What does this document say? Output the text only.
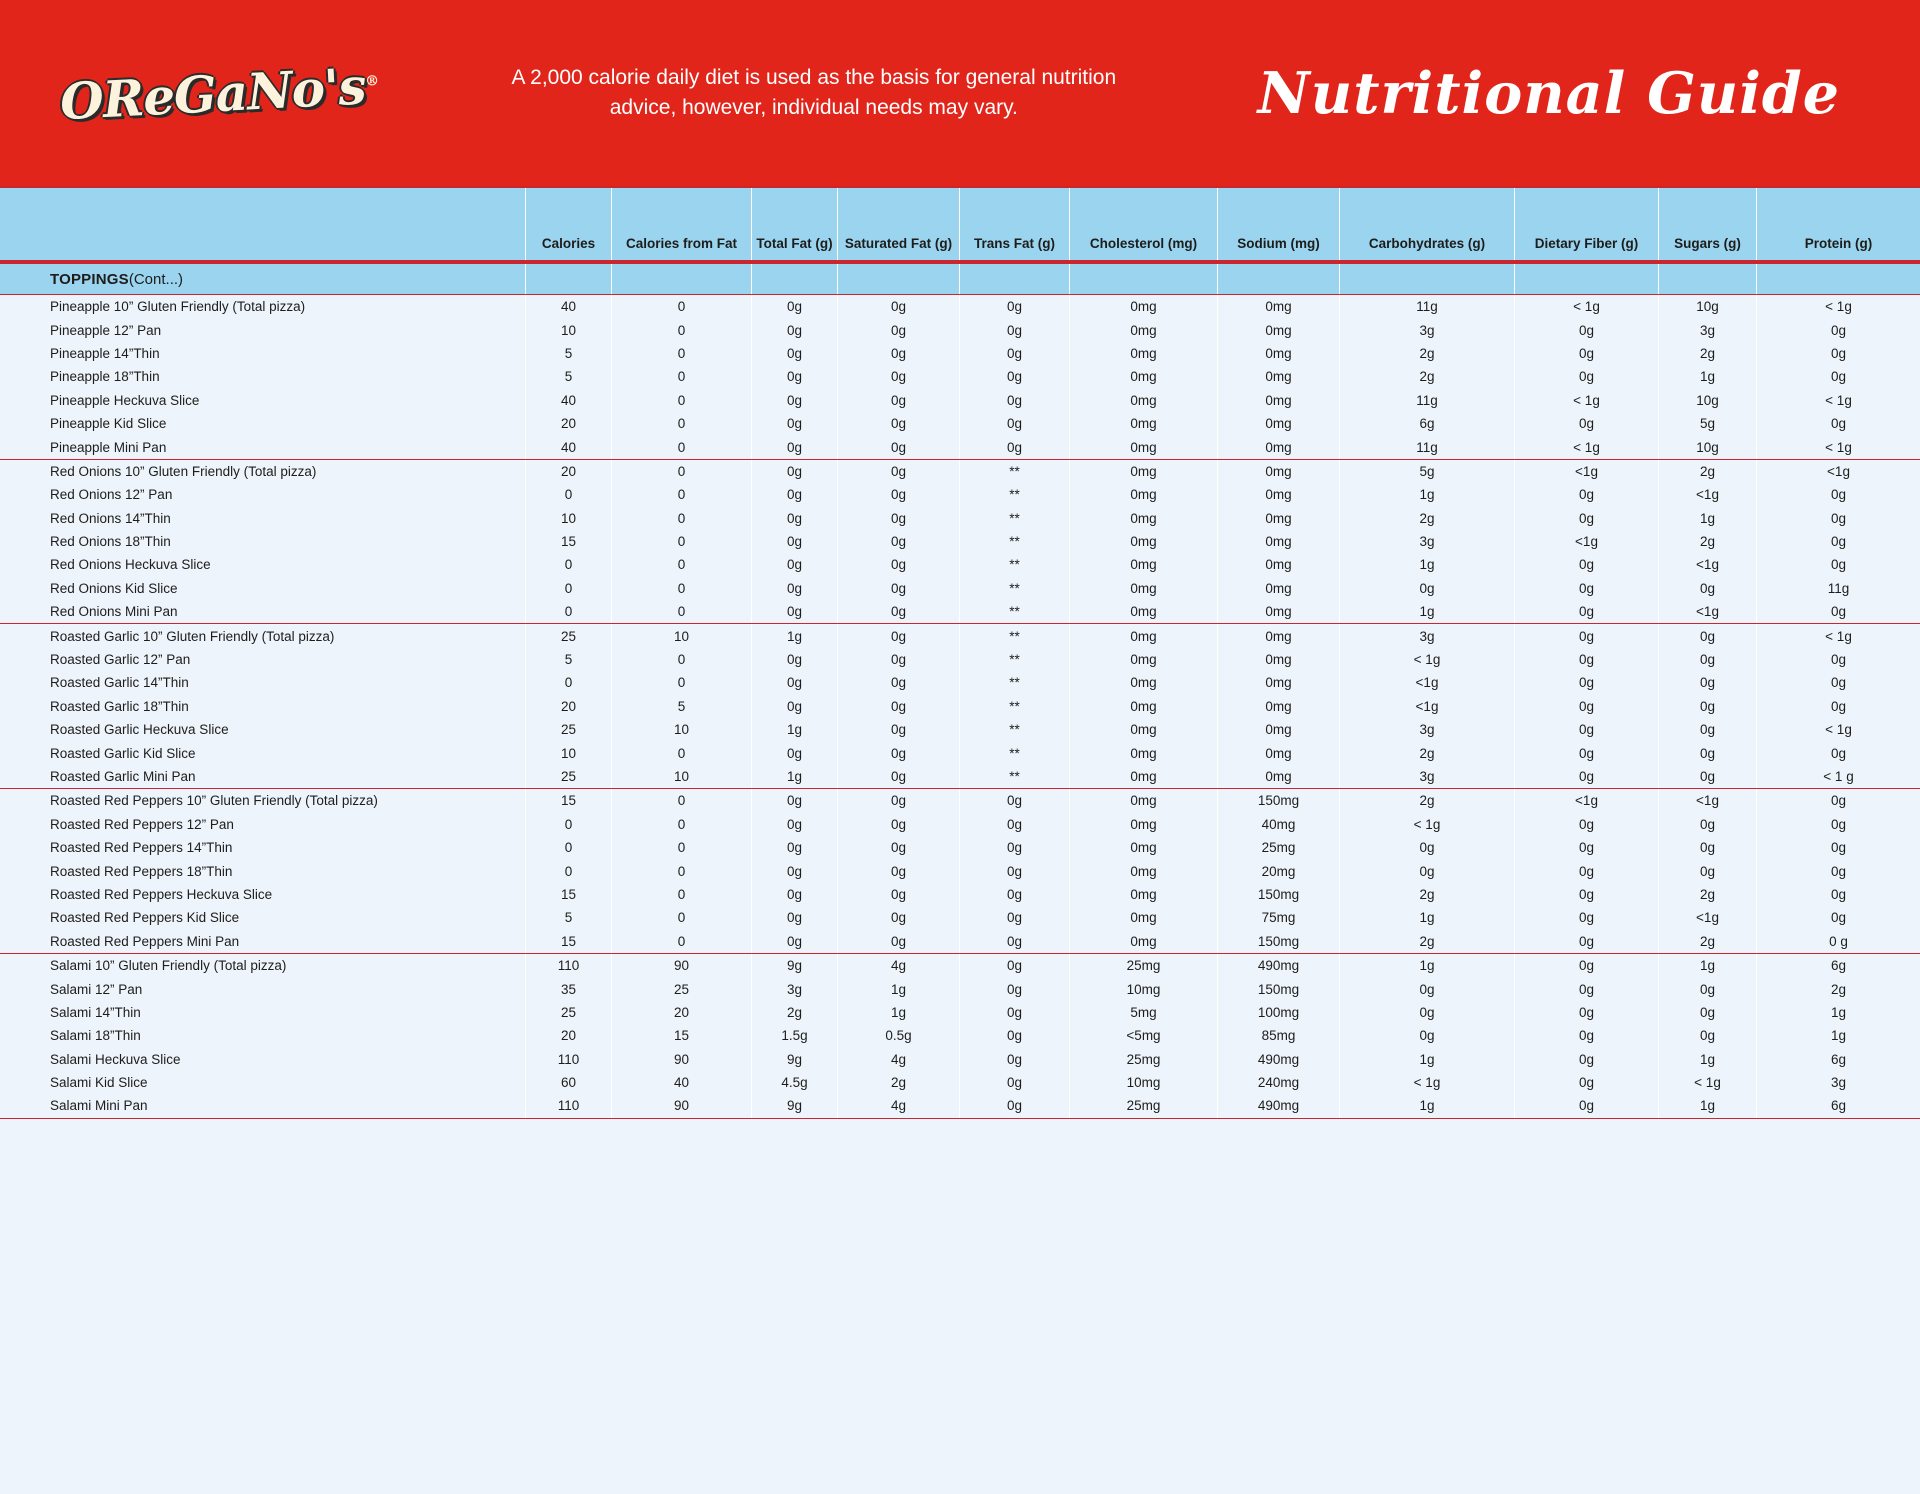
OReGaNo's®	A 2,000 calorie daily diet is used as the basis for general nutrition advice, however, individual needs may vary.	Nutritional Guide
Calories	Calories from Fat	Total Fat (g) Saturated Fat (g)	Trans Fat (g)	Cholesterol (mg)	Sodium (mg)	Carbohydrates (g)	Dietary Fiber (g)	Sugars (g)	Protein (g)
TOPPINGS (Cont...)
Pineapple 10” Gluten Friendly (Total pizza)	40	0	0g	0g	0g	0mg	0mg	11g	< 1g	10g	< 1g
Pineapple 12” Pan	10	0	0g	0g	0g	0mg	0mg	3g	0g	3g	0g
Pineapple 14”Thin	5	0	0g	0g	0g	0mg	0mg	2g	0g	2g	0g
Pineapple 18”Thin	5	0	0g	0g	0g	0mg	0mg	2g	0g	1g	0g
Pineapple Heckuva Slice	40	0	0g	0g	0g	0mg	0mg	11g	< 1g	10g	< 1g
Pineapple Kid Slice	20	0	0g	0g	0g	0mg	0mg	6g	0g	5g	0g
Pineapple Mini Pan	40	0	0g	0g	0g	0mg	0mg	11g	< 1g	10g	< 1g
Red Onions 10” Gluten Friendly (Total pizza)	20	0	0g	0g	**	0mg	0mg	5g	<1g	2g	<1g
Red Onions 12” Pan	0	0	0g	0g	**	0mg	0mg	1g	0g	<1g	0g
Red Onions 14”Thin	10	0	0g	0g	**	0mg	0mg	2g	0g	1g	0g
Red Onions 18”Thin	15	0	0g	0g	**	0mg	0mg	3g	<1g	2g	0g
Red Onions Heckuva Slice	0	0	0g	0g	**	0mg	0mg	1g	0g	<1g	0g
Red Onions Kid Slice	0	0	0g	0g	**	0mg	0mg	0g	0g	0g	11g
Red Onions Mini Pan	0	0	0g	0g	**	0mg	0mg	1g	0g	<1g	0g
Roasted Garlic 10” Gluten Friendly (Total pizza)	25	10	1g	0g	**	0mg	0mg	3g	0g	0g	< 1g
Roasted Garlic 12” Pan	5	0	0g	0g	**	0mg	0mg	< 1g	0g	0g	0g
Roasted Garlic 14”Thin	0	0	0g	0g	**	0mg	0mg	<1g	0g	0g	0g
Roasted Garlic 18”Thin	20	5	0g	0g	**	0mg	0mg	<1g	0g	0g	0g
Roasted Garlic Heckuva Slice	25	10	1g	0g	**	0mg	0mg	3g	0g	0g	< 1g
Roasted Garlic Kid Slice	10	0	0g	0g	**	0mg	0mg	2g	0g	0g	0g
Roasted Garlic Mini Pan	25	10	1g	0g	**	0mg	0mg	3g	0g	0g	< 1 g
Roasted Red Peppers 10” Gluten Friendly (Total pizza)	15	0	0g	0g	0g	0mg	150mg	2g	<1g	<1g	0g
Roasted Red Peppers 12” Pan	0	0	0g	0g	0g	0mg	40mg	< 1g	0g	0g	0g
Roasted Red Peppers 14”Thin	0	0	0g	0g	0g	0mg	25mg	0g	0g	0g	0g
Roasted Red Peppers 18”Thin	0	0	0g	0g	0g	0mg	20mg	0g	0g	0g	0g
Roasted Red Peppers Heckuva Slice	15	0	0g	0g	0g	0mg	150mg	2g	0g	2g	0g
Roasted Red Peppers Kid Slice	5	0	0g	0g	0g	0mg	75mg	1g	0g	<1g	0g
Roasted Red Peppers Mini Pan	15	0	0g	0g	0g	0mg	150mg	2g	0g	2g	0 g
Salami 10” Gluten Friendly (Total pizza)	110	90	9g	4g	0g	25mg	490mg	1g	0g	1g	6g
Salami 12” Pan	35	25	3g	1g	0g	10mg	150mg	0g	0g	0g	2g
Salami 14”Thin	25	20	2g	1g	0g	5mg	100mg	0g	0g	0g	1g
Salami 18”Thin	20	15	1.5g	0.5g	0g	<5mg	85mg	0g	0g	0g	1g
Salami Heckuva Slice	110	90	9g	4g	0g	25mg	490mg	1g	0g	1g	6g
Salami Kid Slice	60	40	4.5g	2g	0g	10mg	240mg	< 1g	0g	< 1g	3g
Salami Mini Pan	110	90	9g	4g	0g	25mg	490mg	1g	0g	1g	6g
